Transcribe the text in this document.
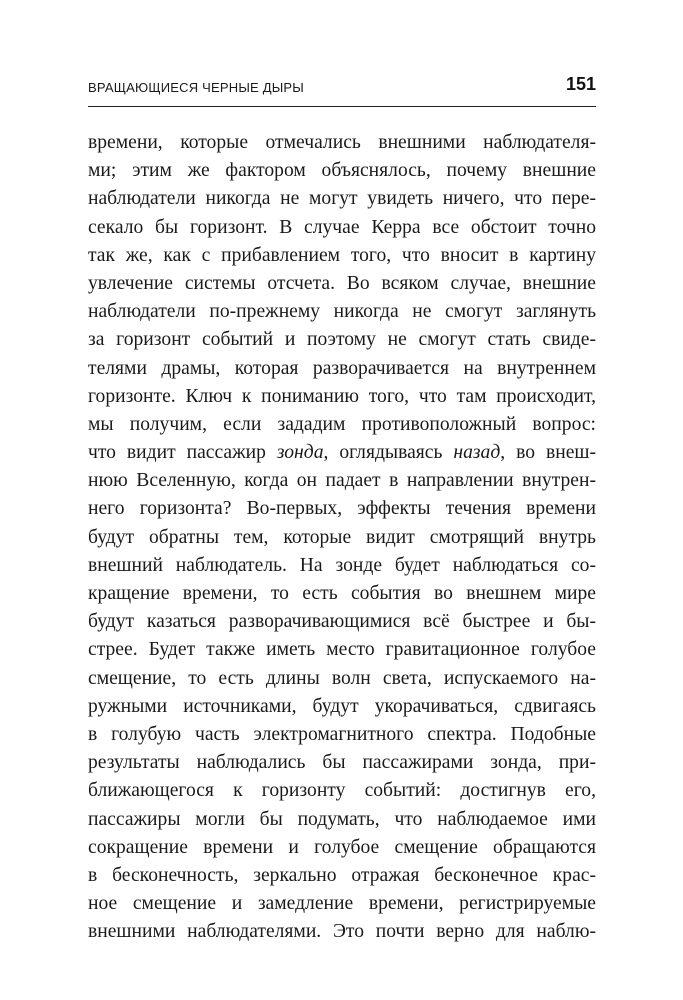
ВРАЩАЮЩИЕСЯ ЧЕРНЫЕ ДЫРЫ	151
времени, которые отмечались внешними наблюдателя-
ми; этим же фактором объяснялось, почему внешние
наблюдатели никогда не могут увидеть ничего, что пере-
секало бы горизонт. В случае Керра все обстоит точно
так же, как с прибавлением того, что вносит в картину
увлечение системы отсчета. Во всяком случае, внешние
наблюдатели по-прежнему никогда не смогут заглянуть
за горизонт событий и поэтому не смогут стать свиде-
телями драмы, которая разворачивается на внутреннем
горизонте. Ключ к пониманию того, что там происходит,
мы получим, если зададим противоположный вопрос:
что видит пассажир зонда, оглядываясь назад, во внеш-
нюю Вселенную, когда он падает в направлении внутрен-
него горизонта? Во-первых, эффекты течения времени
будут обратны тем, которые видит смотрящий внутрь
внешний наблюдатель. На зонде будет наблюдаться со-
кращение времени, то есть события во внешнем мире
будут казаться разворачивающимися всё быстрее и бы-
стрее. Будет также иметь место гравитационное голубое
смещение, то есть длины волн света, испускаемого на-
ружными источниками, будут укорачиваться, сдвигаясь
в голубую часть электромагнитного спектра. Подобные
результаты наблюдались бы пассажирами зонда, при-
ближающегося к горизонту событий: достигнув его,
пассажиры могли бы подумать, что наблюдаемое ими
сокращение времени и голубое смещение обращаются
в бесконечность, зеркально отражая бесконечное крас-
ное смещение и замедление времени, регистрируемые
внешними наблюдателями. Это почти верно для наблю-
